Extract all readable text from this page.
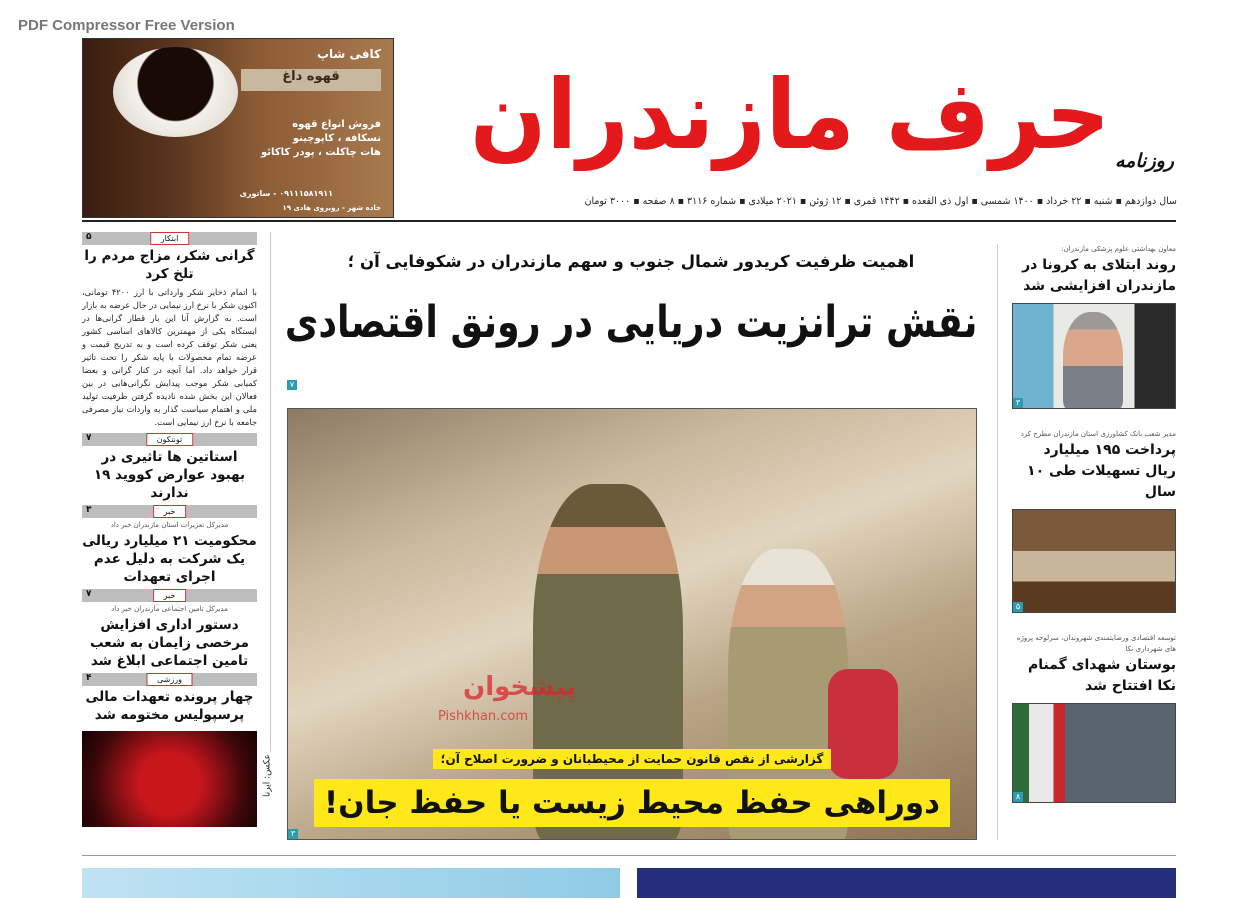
PDF Compressor Free Version
کافی شاپ
قهوه داغ
فروش انواع قهوه
نسکافه ، کاپوچینو
هات چاکلت ، پودر کاکائو
۰۹۱۱۱۵۸۱۹۱۱ - ساتوری
جاده شهر - روبروی هادی ۱۹
حرف مازندران روزنامه
سال دوازدهم ▪ شنبه ▪ ۲۲ خرداد ▪ ۱۴۰۰ شمسی ▪ اول ذی القعده ▪ ۱۴۴۲ قمری ▪ ۱۲ ژوئن ▪ ۲۰۲۱ میلادی ▪ شماره ۳۱۱۶ ▪ ۸ صفحه ▪ ۳۰۰۰ تومان
ابتکار
۵
گرانی شکر، مزاج مردم را تلخ کرد
با اتمام ذخایر شکر وارداتی با ارز ۴۲۰۰ تومانی، اکنون شکر با نرخ ارز نیمایی در حال عرضه به بازار است. به گزارش آنا این بار قطار گرانی‌ها در ایستگاه یکی از مهمترین کالاهای اساسی کشور یعنی شکر توقف کرده است و به تدریج قیمت و عرضه تمام محصولات با پایه شکر را تحت تاثیر قرار خواهد داد. اما آنچه در کنار گرانی و بعضا کمیابی شکر موجب پیدایش نگرانی‌هایی در بین فعالان این بخش شده نادیده گرفتن ظرفیت تولید ملی و اهتمام سیاست گذار به واردات نیاز مصرفی جامعه با نرخ ارز نیمایی است.
تونتکون
۷
استاتین ها تاثیری در بهبود عوارض کووید ۱۹ ندارند
خبر
۳
مدیرکل تعزیرات استان مازندران خبر داد
محکومیت ۲۱ میلیارد ریالی یک شرکت به دلیل عدم اجرای تعهدات
خبر
۷
مدیرکل تامین اجتماعی مازندران خبر داد
دستور اداری افزایش مرخصی زایمان به شعب تامین اجتماعی ابلاغ شد
ورزشی
۴
چهار پرونده تعهدات مالی پرسپولیس مختومه شد
اهمیت ظرفیت کریدور شمال جنوب و سهم مازندران در شکوفایی آن ؛
نقش ترانزیت دریایی در رونق اقتصادی
۷
پیشخوان
Pishkhan.com
گزارشی از نقص قانون حمایت از محیطبانان و ضرورت اصلاح آن؛
دوراهی حفظ محیط زیست یا حفظ جان!
۳
عکس: ایرنا
معاون بهداشتی علوم پزشکی مازندران:
روند ابتلای به کرونا در مازندران افزایشی شد
۳
مدیر شعب بانک کشاورزی استان مازندران مطرح کرد
پرداخت ۱۹۵ میلیارد ریال تسهیلات طی ۱۰ سال
۵
توسعه اقتصادی ورضایتمندی شهروندان، سرلوحه پروژه های شهرداری نکا
بوستان شهدای گمنام نکا افتتاح شد
۸
